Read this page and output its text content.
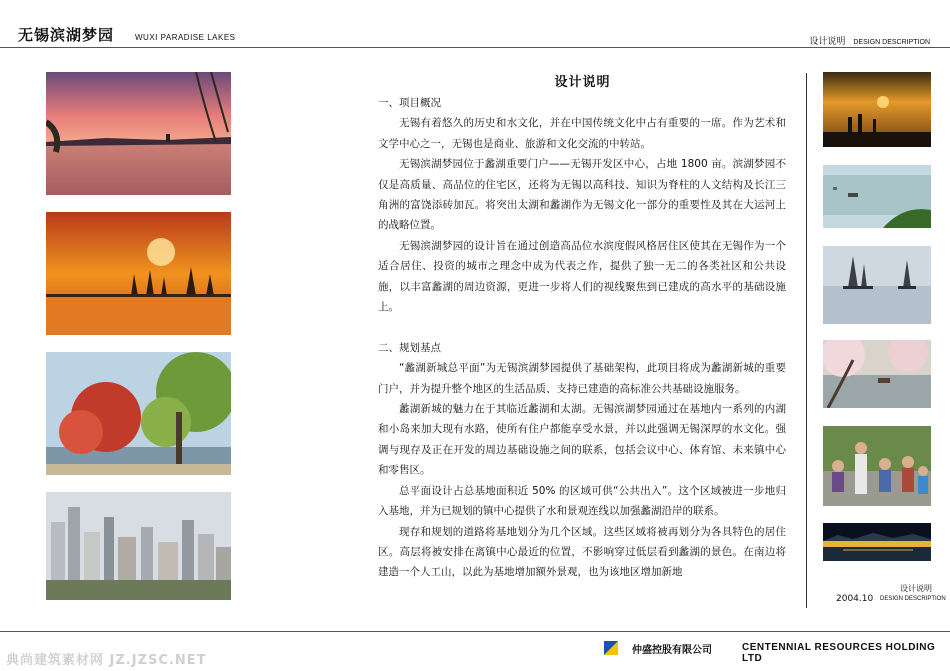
无锡滨湖梦园	WUXI PARADISE LAKES	设计说明 DESIGN DESCRIPTION
设计说明
一、项目概况

无锡有着悠久的历史和水文化，并在中国传统文化中占有重要的一席。作为艺术和文学中心之一，无锡也是商业、旅游和文化交流的中转站。

无锡滨湖梦园位于蠡湖重要门户——无锡开发区中心，占地 1800 亩。滨湖梦园不仅是高质量、高品位的住宅区，还将为无锡以高科技、知识为脊柱的人文结构及长江三角洲的富饶添砖加瓦。将突出太湖和蠡湖作为无锡文化一部分的重要性及其在大运河上的战略位置。

无锡滨湖梦园的设计旨在通过创造高品位水滨度假风格居住区使其在无锡作为一个适合居住、投资的城市之理念中成为代表之作，提供了独一无二的各类社区和公共设施，以丰富蠡湖的周边资源，更进一步将人们的视线聚焦到已建成的高水平的基础设施上。

二、规划基点

“蠡湖新城总平面”为无锡滨湖梦园提供了基础架构，此项目将成为蠡湖新城的重要门户，并为提升整个地区的生活品质、支持已建造的高标准公共基础设施服务。

蠡湖新城的魅力在于其临近蠡湖和太湖。无锡滨湖梦园通过在基地内一系列的内湖和小岛来加大现有水路，使所有住户都能享受水景，并以此强调无锡深厚的水文化。强调与现存及正在开发的周边基础设施之间的联系，包括会议中心、体育馆、未来镇中心和零售区。

总平面设计占总基地面积近 50% 的区域可供“公共出入”。这个区域被进一步地归入基地，并为已规划的镇中心提供了水和景观连线以加强蠡湖沿岸的联系。

现存和规划的道路将基地划分为几个区域。这些区域将被再划分为各具特色的居住区。高层将被安排在离镇中心最近的位置，不影响穿过低层看到蠡湖的景色。在南边将建造一个人工山，以此为基地增加额外景观，也为该地区增加新地

设计说明
2004.10 DESIGN DESCRIPTION
典尚建筑素材网 JZ.JZSC.NET
仲盛控股有限公司	CENTENNIAL RESOURCES HOLDING LTD
